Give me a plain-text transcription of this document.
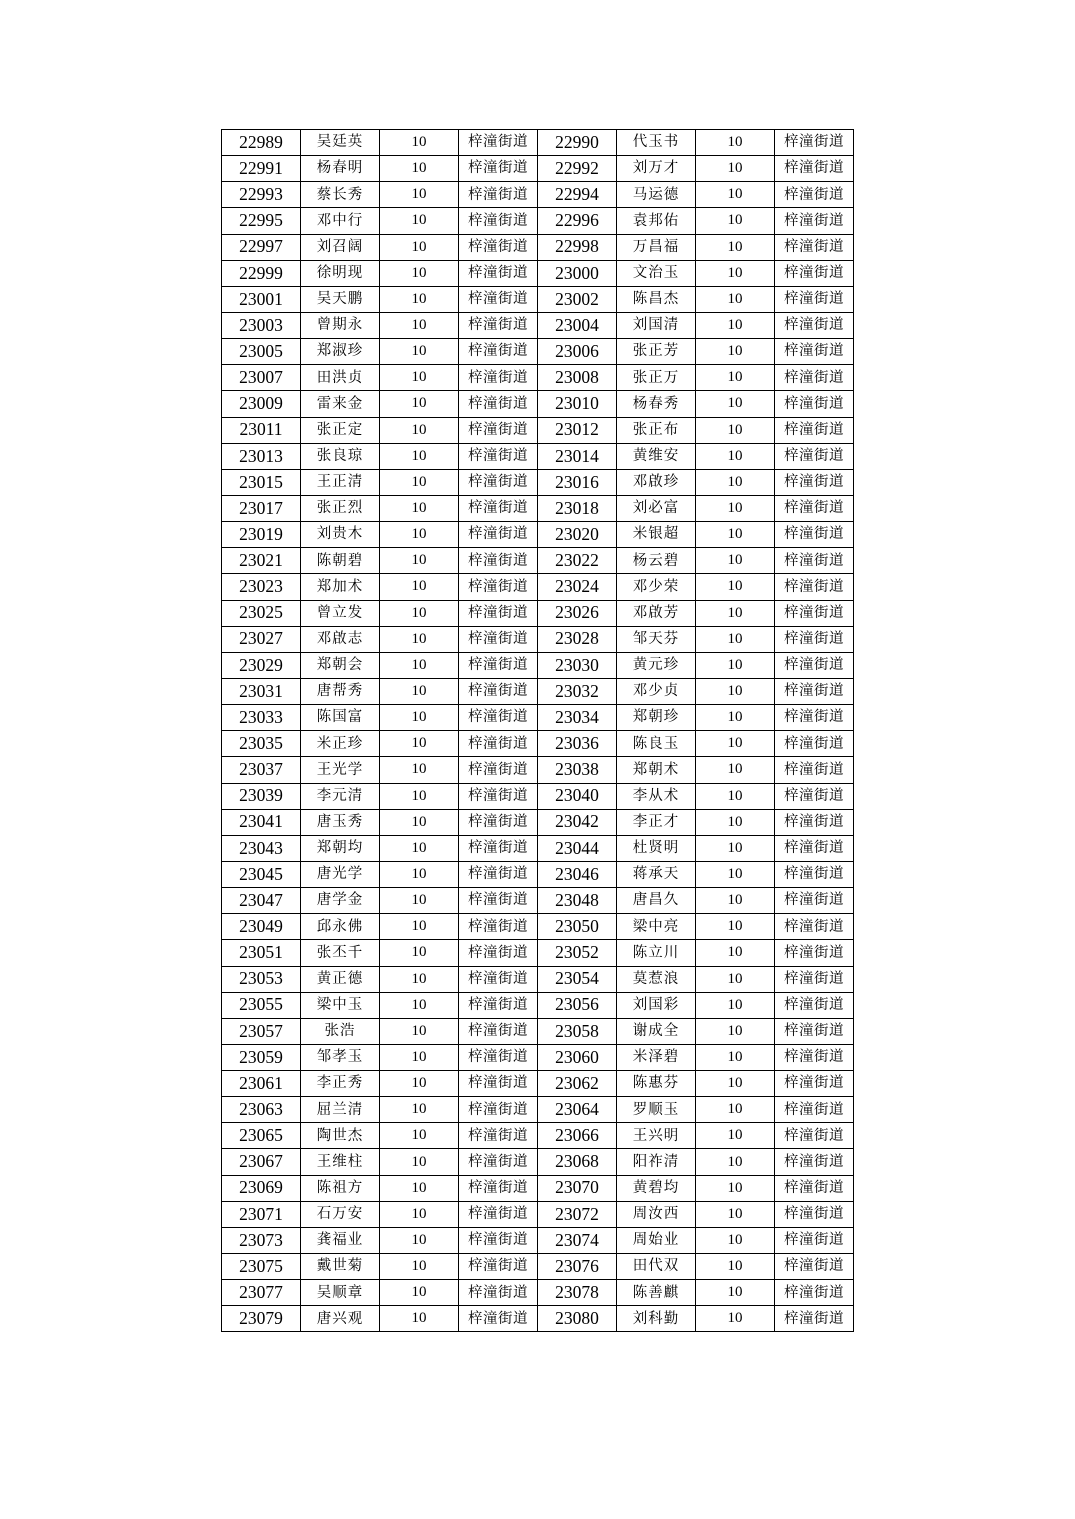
22989	吴廷英	10	梓潼街道	22990	代玉书	10	梓潼街道
22991	杨春明	10	梓潼街道	22992	刘万才	10	梓潼街道
22993	蔡长秀	10	梓潼街道	22994	马运德	10	梓潼街道
22995	邓中行	10	梓潼街道	22996	袁邦佑	10	梓潼街道
22997	刘召阔	10	梓潼街道	22998	万昌福	10	梓潼街道
22999	徐明现	10	梓潼街道	23000	文治玉	10	梓潼街道
23001	吴天鹏	10	梓潼街道	23002	陈昌杰	10	梓潼街道
23003	曾期永	10	梓潼街道	23004	刘国清	10	梓潼街道
23005	郑淑珍	10	梓潼街道	23006	张正芳	10	梓潼街道
23007	田洪贞	10	梓潼街道	23008	张正万	10	梓潼街道
23009	雷来金	10	梓潼街道	23010	杨春秀	10	梓潼街道
23011	张正定	10	梓潼街道	23012	张正布	10	梓潼街道
23013	张良琼	10	梓潼街道	23014	黄维安	10	梓潼街道
23015	王正清	10	梓潼街道	23016	邓啟珍	10	梓潼街道
23017	张正烈	10	梓潼街道	23018	刘必富	10	梓潼街道
23019	刘贵木	10	梓潼街道	23020	米银超	10	梓潼街道
23021	陈朝碧	10	梓潼街道	23022	杨云碧	10	梓潼街道
23023	郑加术	10	梓潼街道	23024	邓少荣	10	梓潼街道
23025	曾立发	10	梓潼街道	23026	邓啟芳	10	梓潼街道
23027	邓啟志	10	梓潼街道	23028	邹天芬	10	梓潼街道
23029	郑朝会	10	梓潼街道	23030	黄元珍	10	梓潼街道
23031	唐帮秀	10	梓潼街道	23032	邓少贞	10	梓潼街道
23033	陈国富	10	梓潼街道	23034	郑朝珍	10	梓潼街道
23035	米正珍	10	梓潼街道	23036	陈良玉	10	梓潼街道
23037	王光学	10	梓潼街道	23038	郑朝术	10	梓潼街道
23039	李元清	10	梓潼街道	23040	李从术	10	梓潼街道
23041	唐玉秀	10	梓潼街道	23042	李正才	10	梓潼街道
23043	郑朝均	10	梓潼街道	23044	杜贤明	10	梓潼街道
23045	唐光学	10	梓潼街道	23046	蒋承天	10	梓潼街道
23047	唐学金	10	梓潼街道	23048	唐昌久	10	梓潼街道
23049	邱永佛	10	梓潼街道	23050	梁中亮	10	梓潼街道
23051	张丕千	10	梓潼街道	23052	陈立川	10	梓潼街道
23053	黄正德	10	梓潼街道	23054	莫惹浪	10	梓潼街道
23055	梁中玉	10	梓潼街道	23056	刘国彩	10	梓潼街道
23057	张浩	10	梓潼街道	23058	谢成全	10	梓潼街道
23059	邹孝玉	10	梓潼街道	23060	米泽碧	10	梓潼街道
23061	李正秀	10	梓潼街道	23062	陈惠芬	10	梓潼街道
23063	屈兰清	10	梓潼街道	23064	罗顺玉	10	梓潼街道
23065	陶世杰	10	梓潼街道	23066	王兴明	10	梓潼街道
23067	王维柱	10	梓潼街道	23068	阳祚清	10	梓潼街道
23069	陈祖方	10	梓潼街道	23070	黄碧均	10	梓潼街道
23071	石万安	10	梓潼街道	23072	周汝西	10	梓潼街道
23073	龚福业	10	梓潼街道	23074	周始业	10	梓潼街道
23075	戴世菊	10	梓潼街道	23076	田代双	10	梓潼街道
23077	吴顺章	10	梓潼街道	23078	陈善麒	10	梓潼街道
23079	唐兴观	10	梓潼街道	23080	刘科勤	10	梓潼街道
